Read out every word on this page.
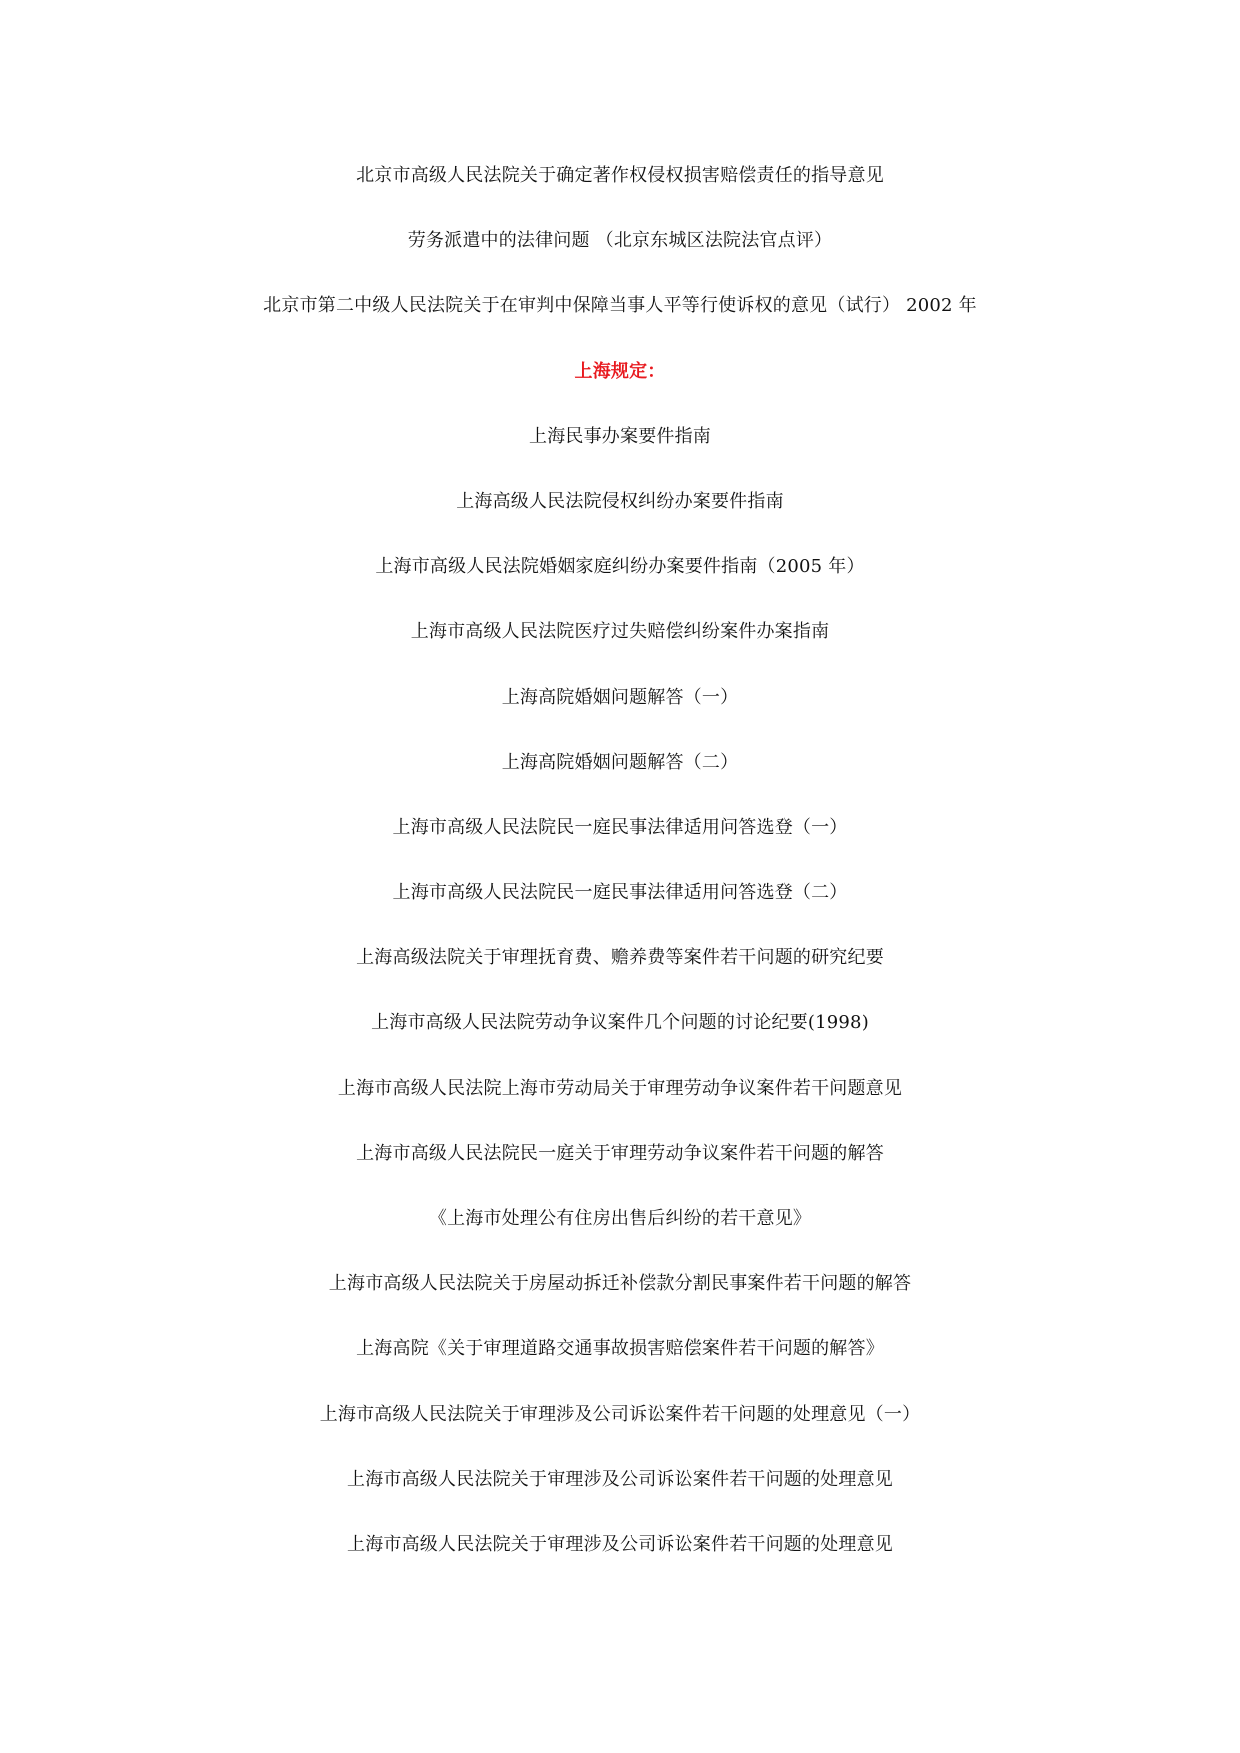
北京市高级人民法院关于确定著作权侵权损害赔偿责任的指导意见
劳务派遣中的法律问题 （北京东城区法院法官点评）
北京市第二中级人民法院关于在审判中保障当事人平等行使诉权的意见（试行） 2002 年
上海规定：
上海民事办案要件指南
上海高级人民法院侵权纠纷办案要件指南
上海市高级人民法院婚姻家庭纠纷办案要件指南（2005 年）
上海市高级人民法院医疗过失赔偿纠纷案件办案指南
上海高院婚姻问题解答（一）
上海高院婚姻问题解答（二）
上海市高级人民法院民一庭民事法律适用问答选登（一）
上海市高级人民法院民一庭民事法律适用问答选登（二）
上海高级法院关于审理抚育费、赡养费等案件若干问题的研究纪要
上海市高级人民法院劳动争议案件几个问题的讨论纪要(1998)
上海市高级人民法院上海市劳动局关于审理劳动争议案件若干问题意见
上海市高级人民法院民一庭关于审理劳动争议案件若干问题的解答
《上海市处理公有住房出售后纠纷的若干意见》
上海市高级人民法院关于房屋动拆迁补偿款分割民事案件若干问题的解答
上海高院《关于审理道路交通事故损害赔偿案件若干问题的解答》
上海市高级人民法院关于审理涉及公司诉讼案件若干问题的处理意见（一）
上海市高级人民法院关于审理涉及公司诉讼案件若干问题的处理意见
上海市高级人民法院关于审理涉及公司诉讼案件若干问题的处理意见
